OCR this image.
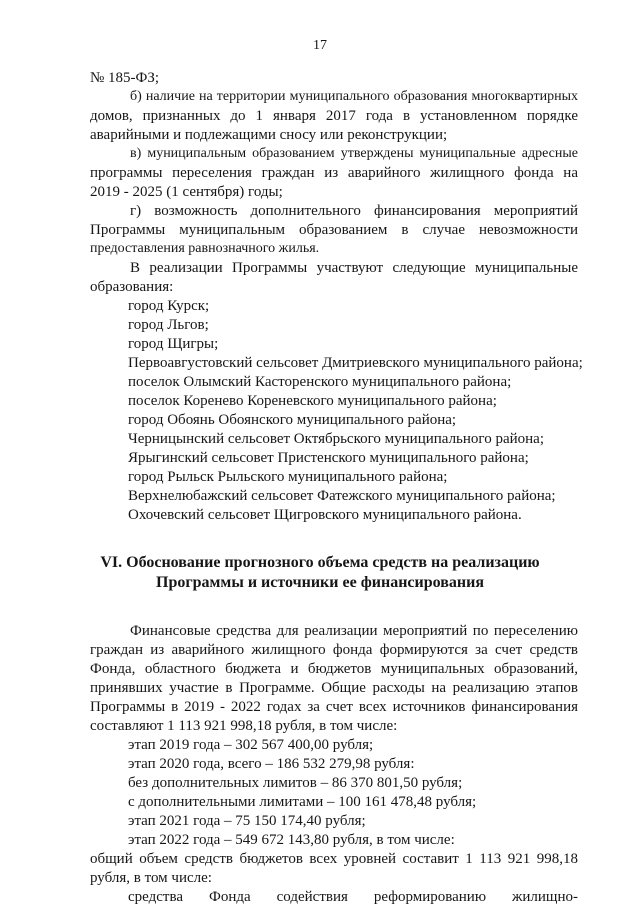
17
№ 185-ФЗ;
б) наличие на территории муниципального образования многоквартирных
домов, признанных до 1 января 2017 года в установленном порядке
аварийными и подлежащими сносу или реконструкции;
в) муниципальным образованием утверждены муниципальные адресные
программы переселения граждан из аварийного жилищного фонда на
2019 - 2025 (1 сентября) годы;
г) возможность дополнительного финансирования мероприятий
Программы муниципальным образованием в случае невозможности
предоставления равнозначного жилья.
В реализации Программы участвуют следующие муниципальные
образования:
город Курск;
город Льгов;
город Щигры;
Первоавгустовский сельсовет Дмитриевского муниципального района;
поселок Олымский Касторенского муниципального района;
поселок Коренево Кореневского муниципального района;
город Обоянь Обоянского муниципального района;
Черницынский сельсовет Октябрьского муниципального района;
Ярыгинский сельсовет Пристенского муниципального района;
город Рыльск Рыльского муниципального района;
Верхнелюбажский сельсовет Фатежского муниципального района;
Охочевский сельсовет Щигровского муниципального района.
VI. Обоснование прогнозного объема средств на реализацию
Программы и источники ее финансирования
Финансовые средства для реализации мероприятий по переселению
граждан из аварийного жилищного фонда формируются за счет средств
Фонда, областного бюджета и бюджетов муниципальных образований,
принявших участие в Программе. Общие расходы на реализацию этапов
Программы в 2019 - 2022 годах за счет всех источников финансирования
составляют 1 113 921 998,18 рубля, в том числе:
этап 2019 года – 302 567 400,00 рубля;
этап 2020 года, всего – 186 532 279,98 рубля:
без дополнительных лимитов – 86 370 801,50 рубля;
с дополнительными лимитами – 100 161 478,48 рубля;
этап 2021 года – 75 150 174,40 рубля;
этап 2022 года – 549 672 143,80 рубля, в том числе:
общий объем средств бюджетов всех уровней составит 1 113 921 998,18
рубля, в том числе:
средства Фонда содействия реформированию жилищно-
